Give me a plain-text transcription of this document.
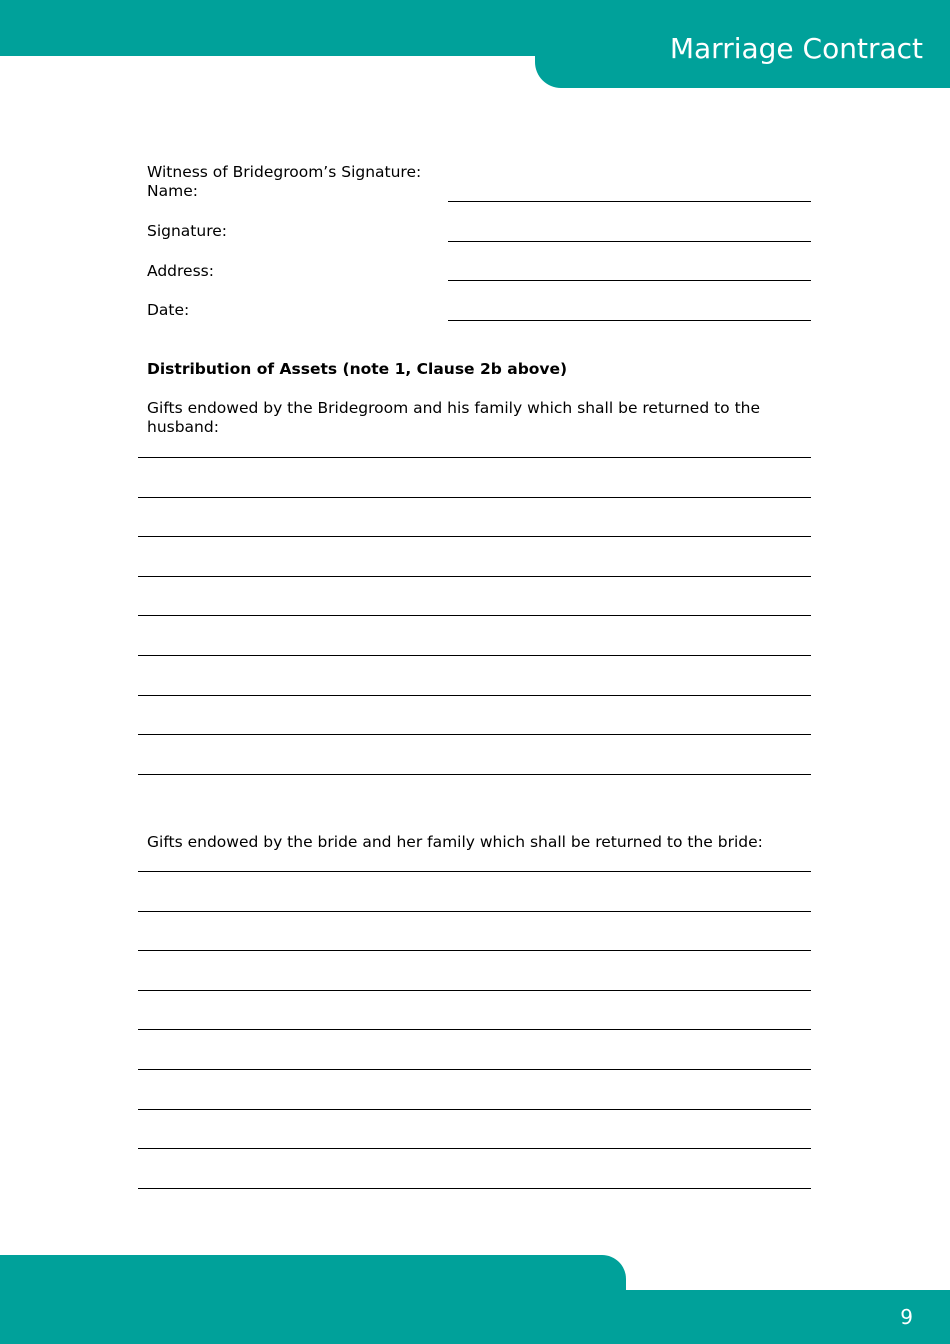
Marriage Contract
Witness of Bridegroom’s Signature:
Name:
Signature:
Address:
Date:
Distribution of Assets (note 1, Clause 2b above)
Gifts endowed by the Bridegroom and his family which shall be returned to the husband:
Gifts endowed by the bride and her family which shall be returned to the bride:
9
